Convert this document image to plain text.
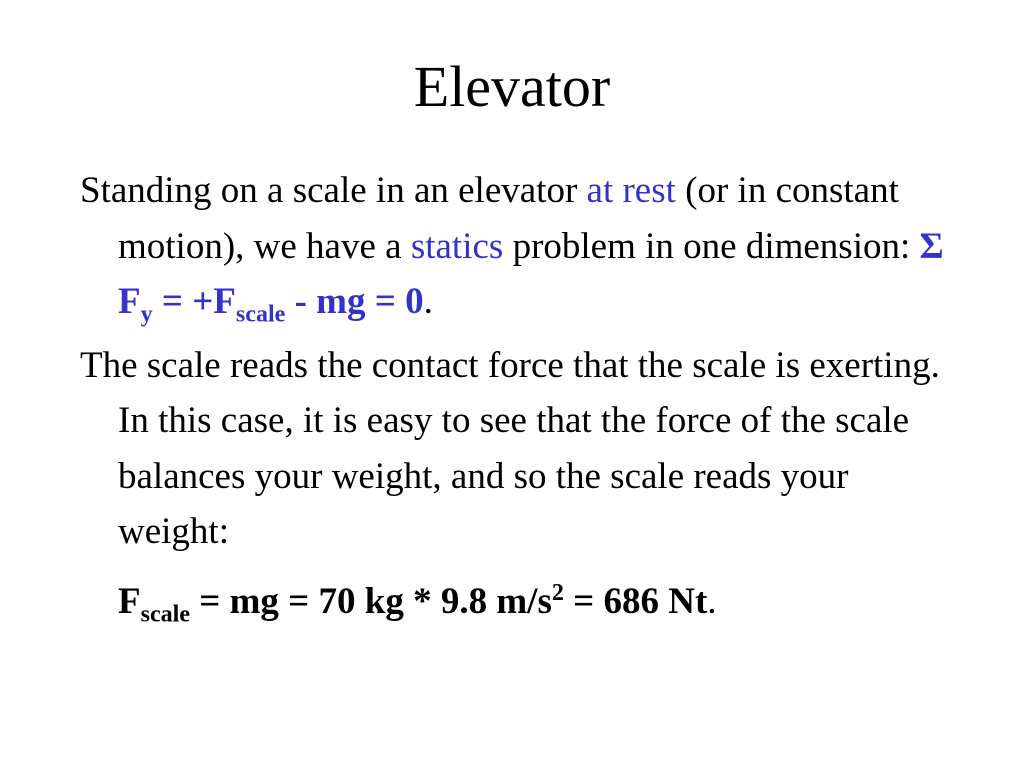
Elevator

Standing on a scale in an elevator at rest (or in constant motion), we have a statics problem in one dimension: Σ $F_y = +F_{scale}$ - mg = 0.

The scale reads the contact force that the scale is exerting. In this case, it is easy to see that the force of the scale balances your weight, and so the scale reads your weight:

$F_{scale}$ = mg = 70 kg * 9.8 $m/s^2 = 686$ Nt.
